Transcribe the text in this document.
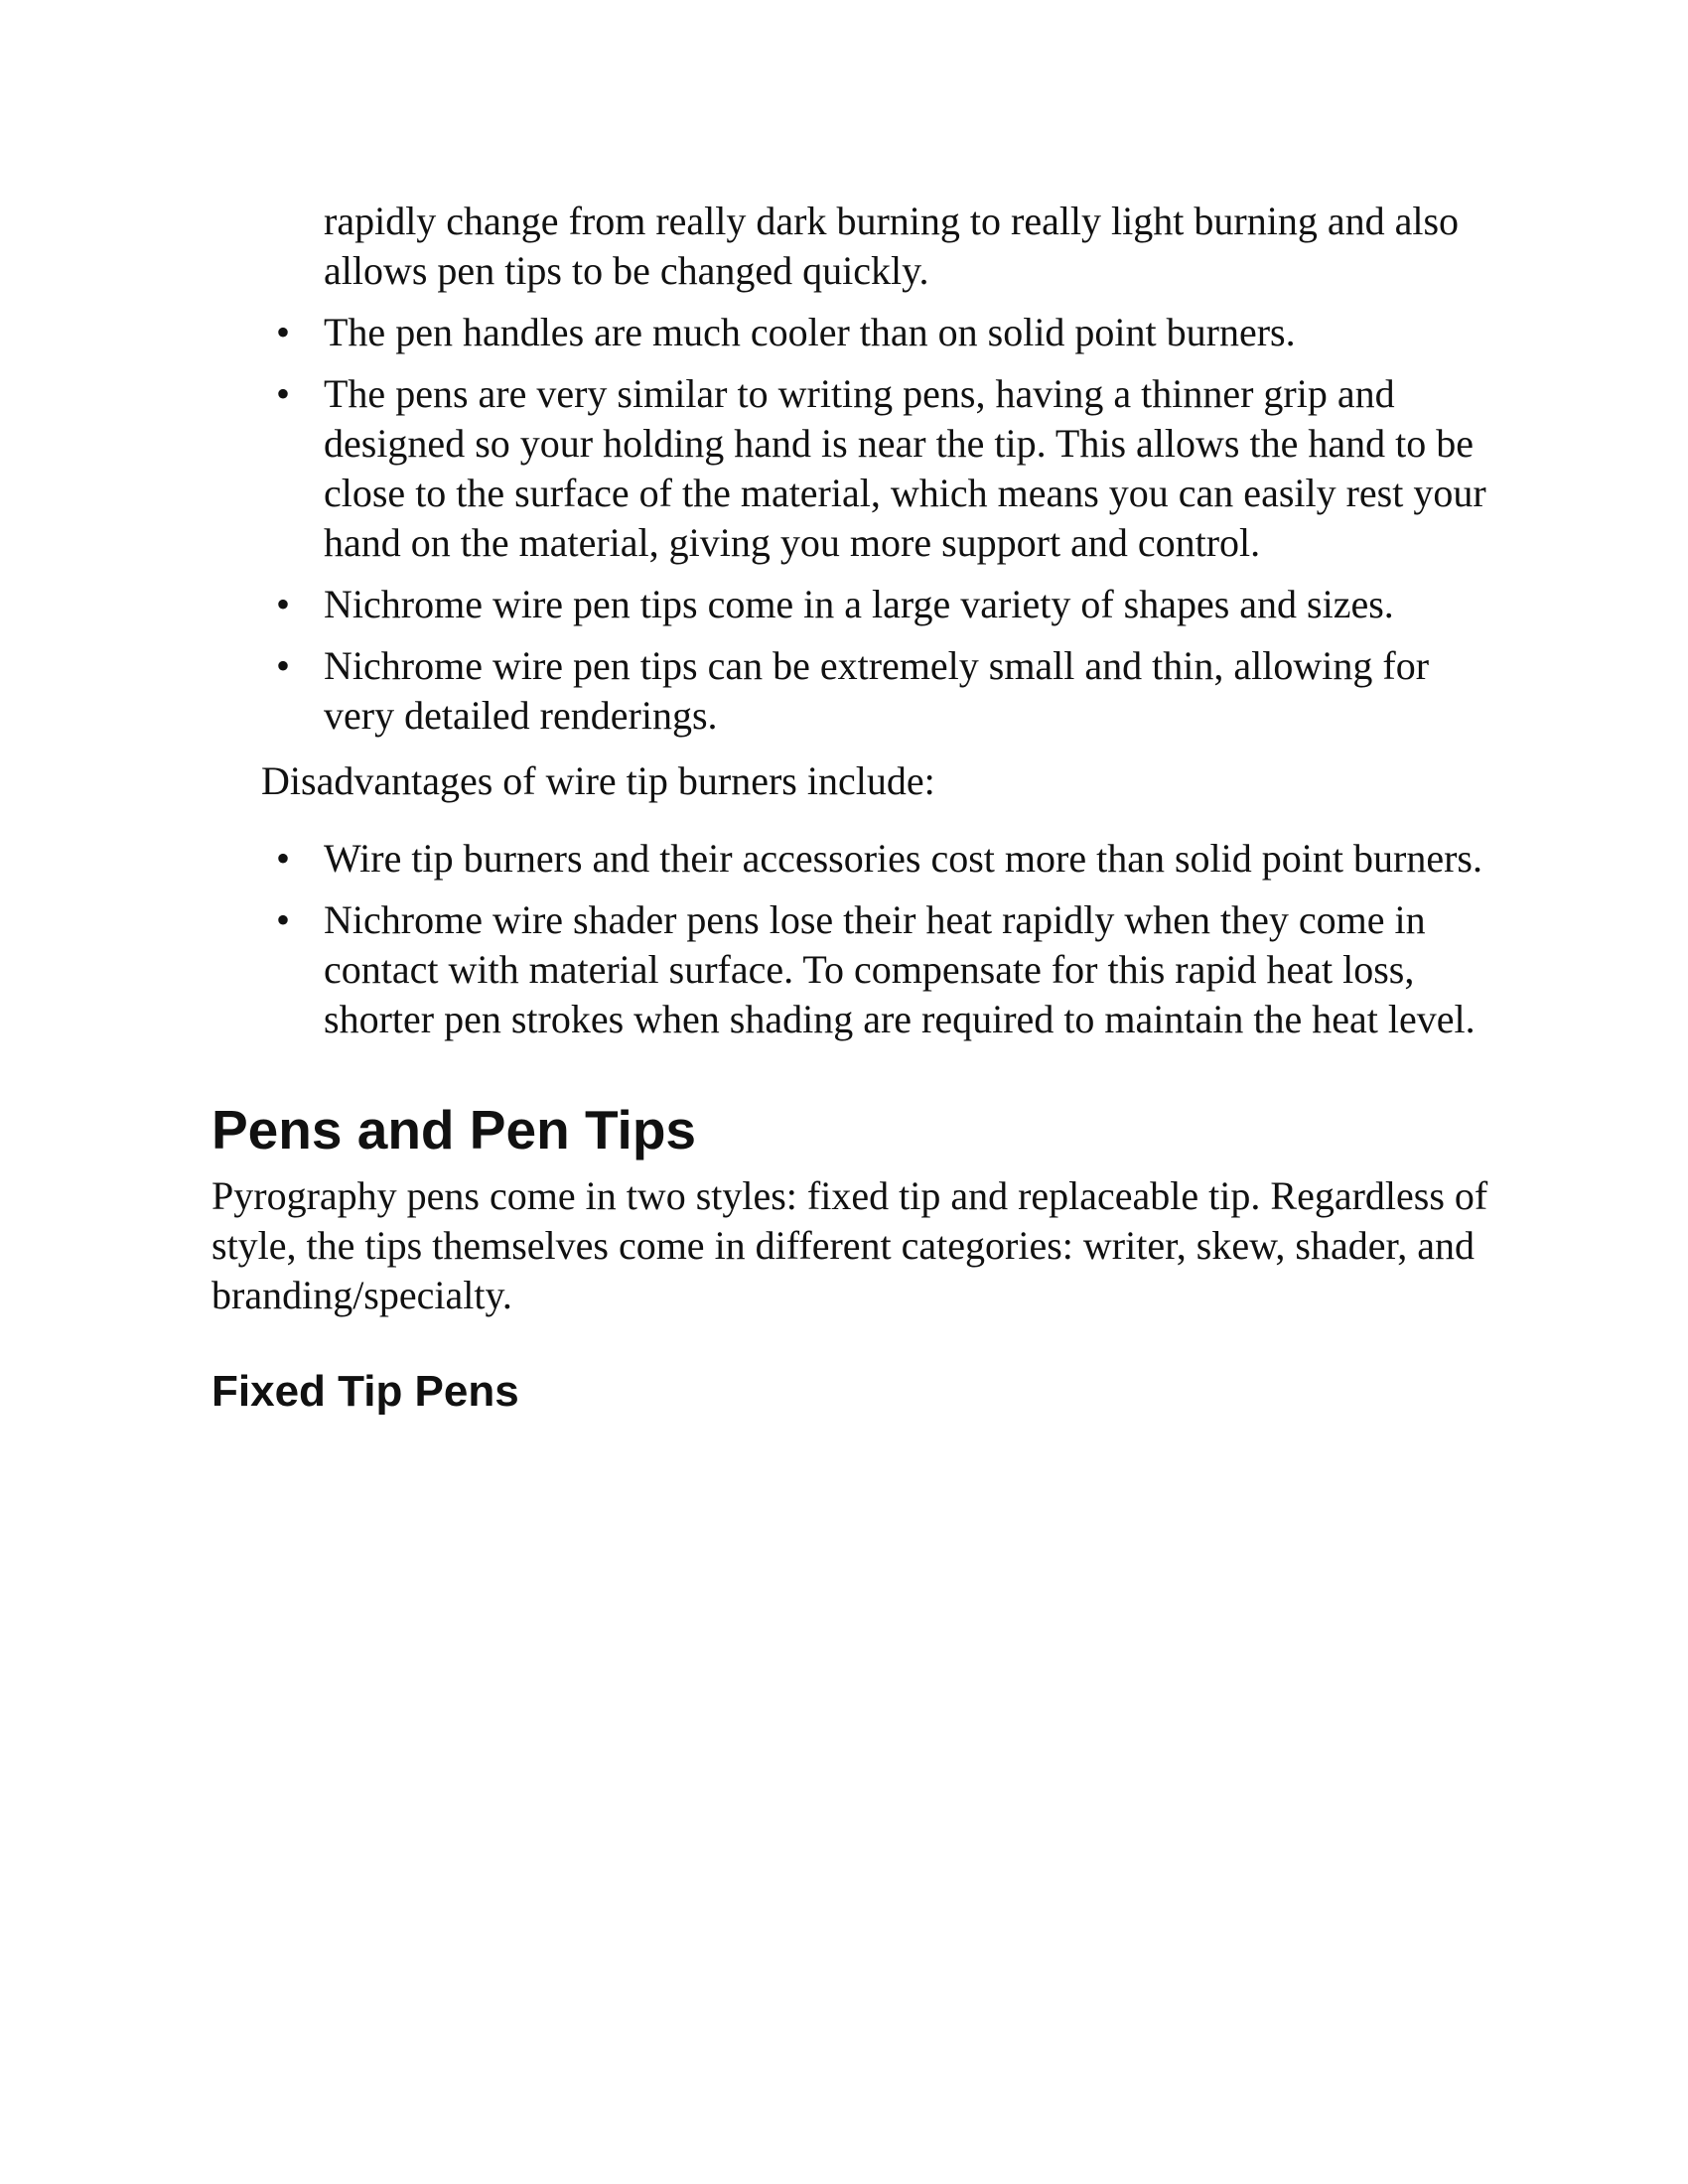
rapidly change from really dark burning to really light burning and also allows pen tips to be changed quickly.

• The pen handles are much cooler than on solid point burners.
• The pens are very similar to writing pens, having a thinner grip and designed so your holding hand is near the tip. This allows the hand to be close to the surface of the material, which means you can easily rest your hand on the material, giving you more support and control.
• Nichrome wire pen tips come in a large variety of shapes and sizes.
• Nichrome wire pen tips can be extremely small and thin, allowing for very detailed renderings.

Disadvantages of wire tip burners include:

• Wire tip burners and their accessories cost more than solid point burners.
• Nichrome wire shader pens lose their heat rapidly when they come in contact with material surface. To compensate for this rapid heat loss, shorter pen strokes when shading are required to maintain the heat level.
Pens and Pen Tips

Pyrography pens come in two styles: fixed tip and replaceable tip. Regardless of style, the tips themselves come in different categories: writer, skew, shader, and branding/specialty.

Fixed Tip Pens
